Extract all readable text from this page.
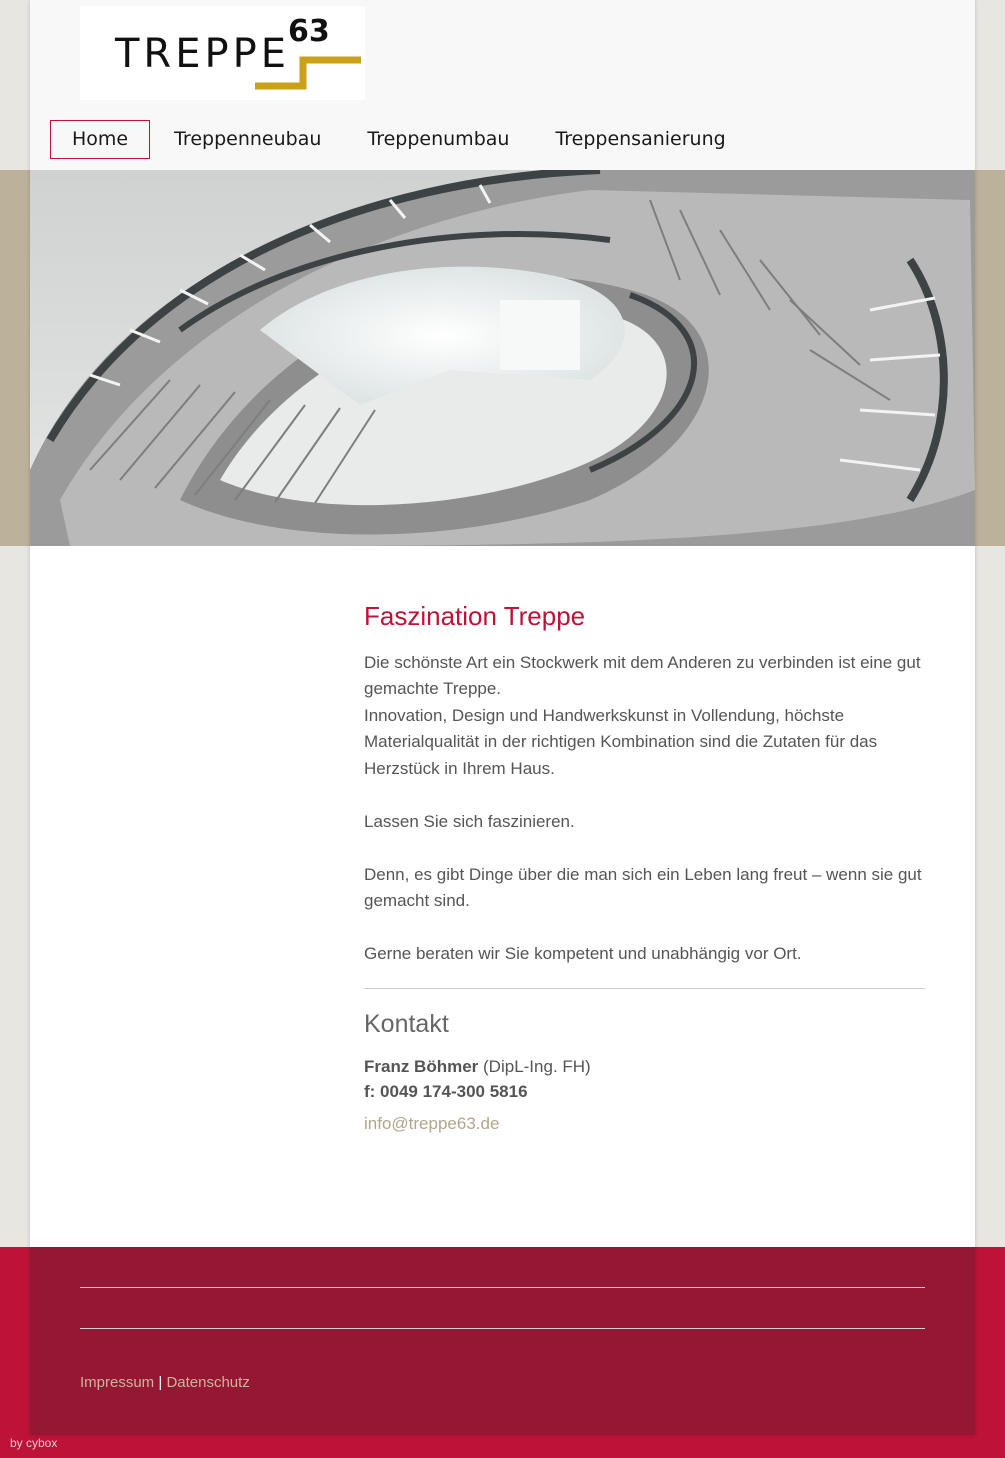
TREPPE
63
Home	Treppenneubau	Treppenumbau	Treppensanierung
Faszination Treppe

Die schönste Art ein Stockwerk mit dem Anderen zu verbinden ist eine gut gemachte Treppe.

Innovation, Design und Handwerkskunst in Vollendung, höchste Materialqualität in der richtigen Kombination sind die Zutaten für das Herzstück in Ihrem Haus.

Lassen Sie sich faszinieren.

Denn, es gibt Dinge über die man sich ein Leben lang freut – wenn sie gut gemacht sind.

Gerne beraten wir Sie kompetent und unabhängig vor Ort.

Kontakt
Franz Böhmer (DipL-Ing. FH)
f: 0049 174-300 5816
info@treppe63.de
Impressum | Datenschutz
by cybox
